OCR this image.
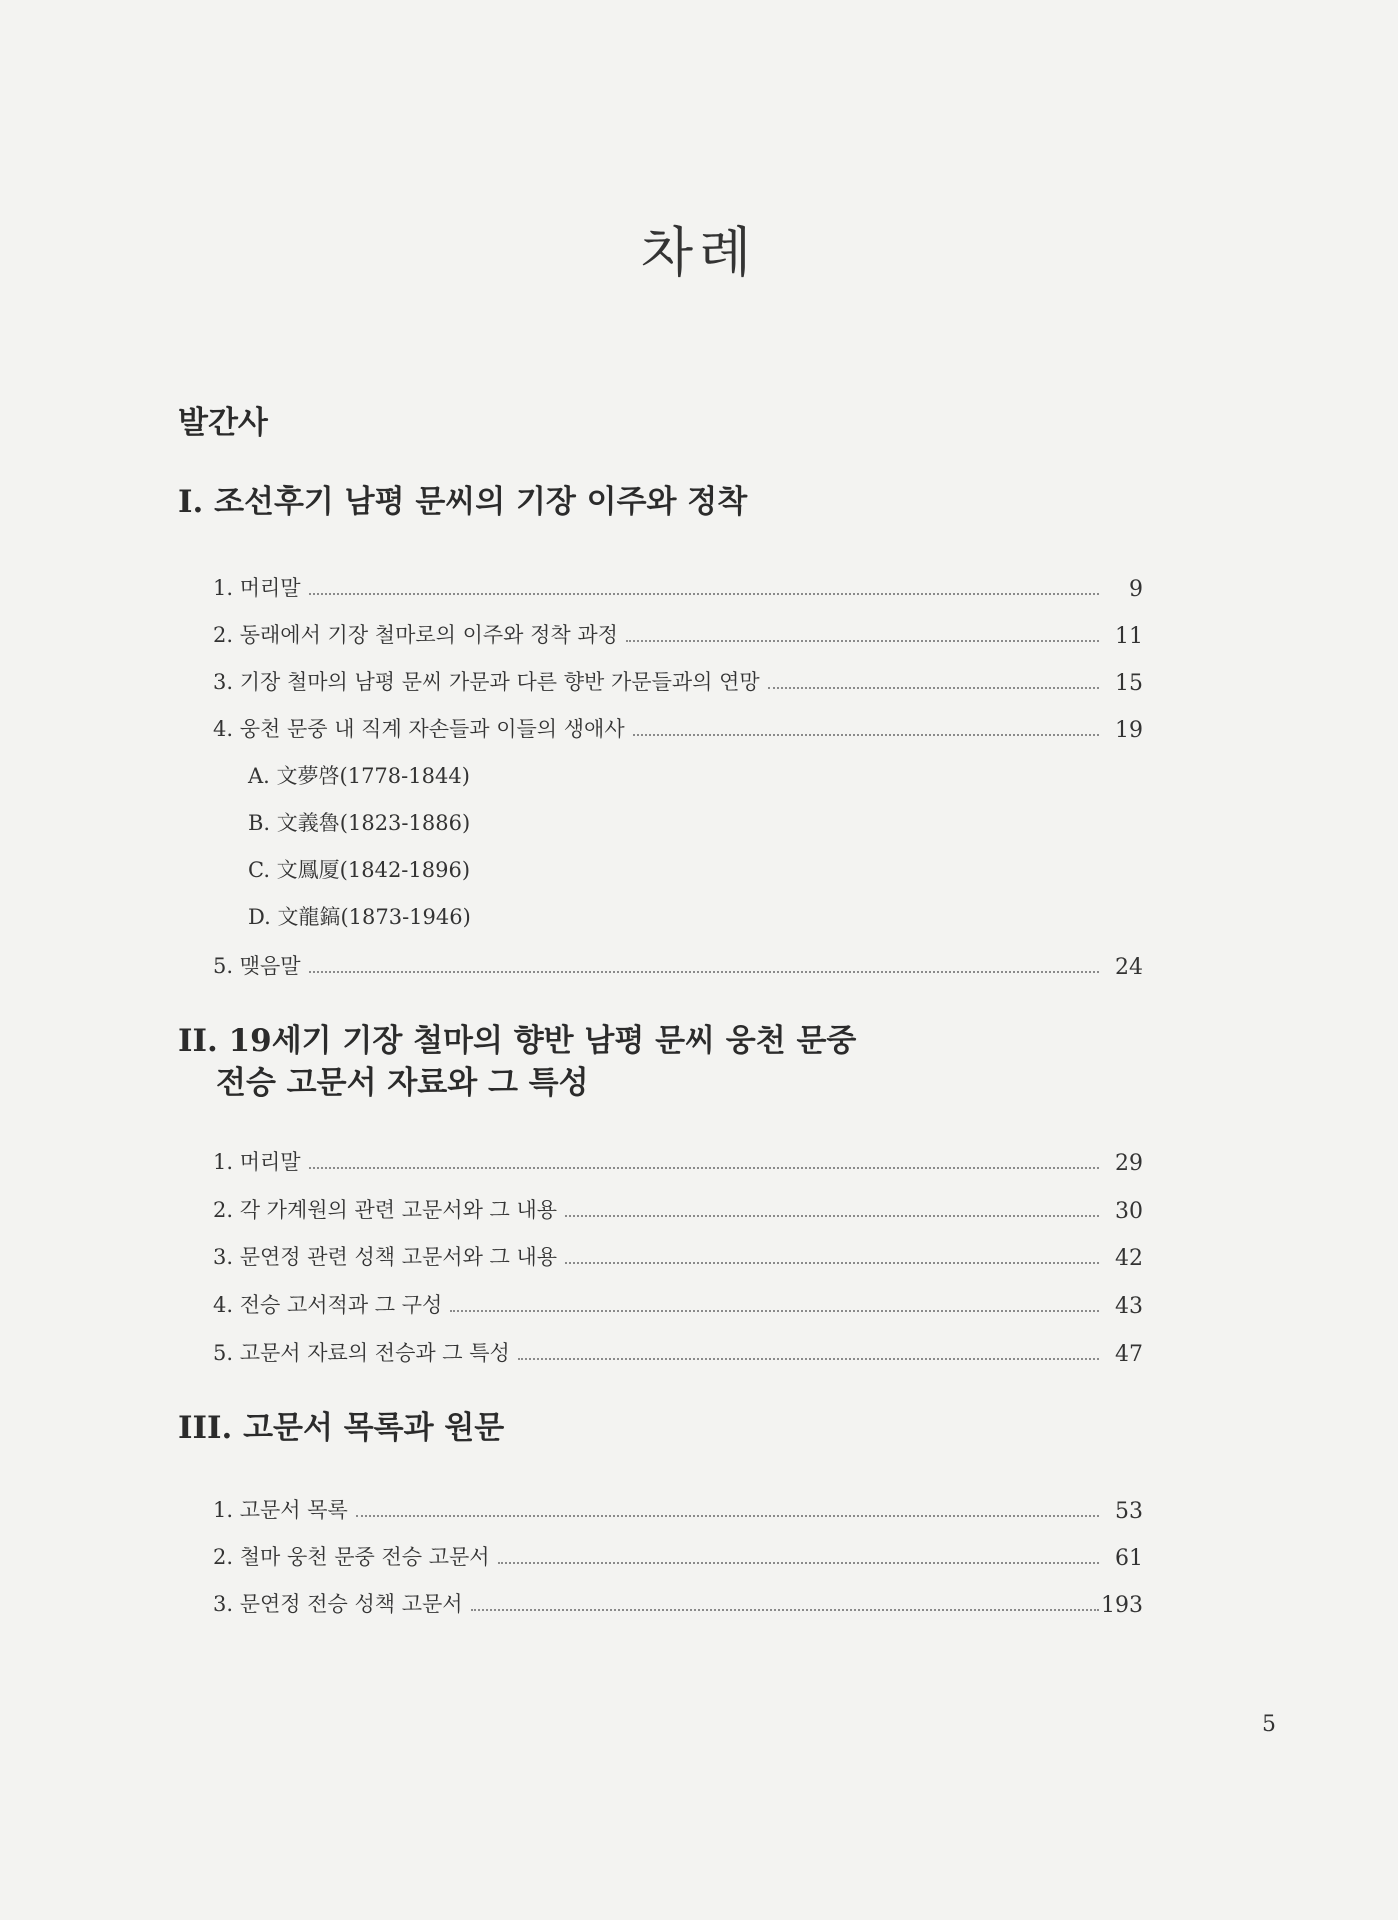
차례
발간사
I. 조선후기 남평 문씨의 기장 이주와 정착
1. 머리말	9
2. 동래에서 기장 철마로의 이주와 정착 과정	11
3. 기장 철마의 남평 문씨 가문과 다른 향반 가문들과의 연망	15
4. 웅천 문중 내 직계 자손들과 이들의 생애사	19
A. 文夢啓(1778-1844)
B. 文義魯(1823-1886)
C. 文鳳厦(1842-1896)
D. 文龍鎬(1873-1946)
5. 맺음말	24
II. 19세기 기장 철마의 향반 남평 문씨 웅천 문중
전승 고문서 자료와 그 특성
1. 머리말	29
2. 각 가계원의 관련 고문서와 그 내용	30
3. 문연정 관련 성책 고문서와 그 내용	42
4. 전승 고서적과 그 구성	43
5. 고문서 자료의 전승과 그 특성	47
III. 고문서 목록과 원문
1. 고문서 목록	53
2. 철마 웅천 문중 전승 고문서	61
3. 문연정 전승 성책 고문서	193
5
